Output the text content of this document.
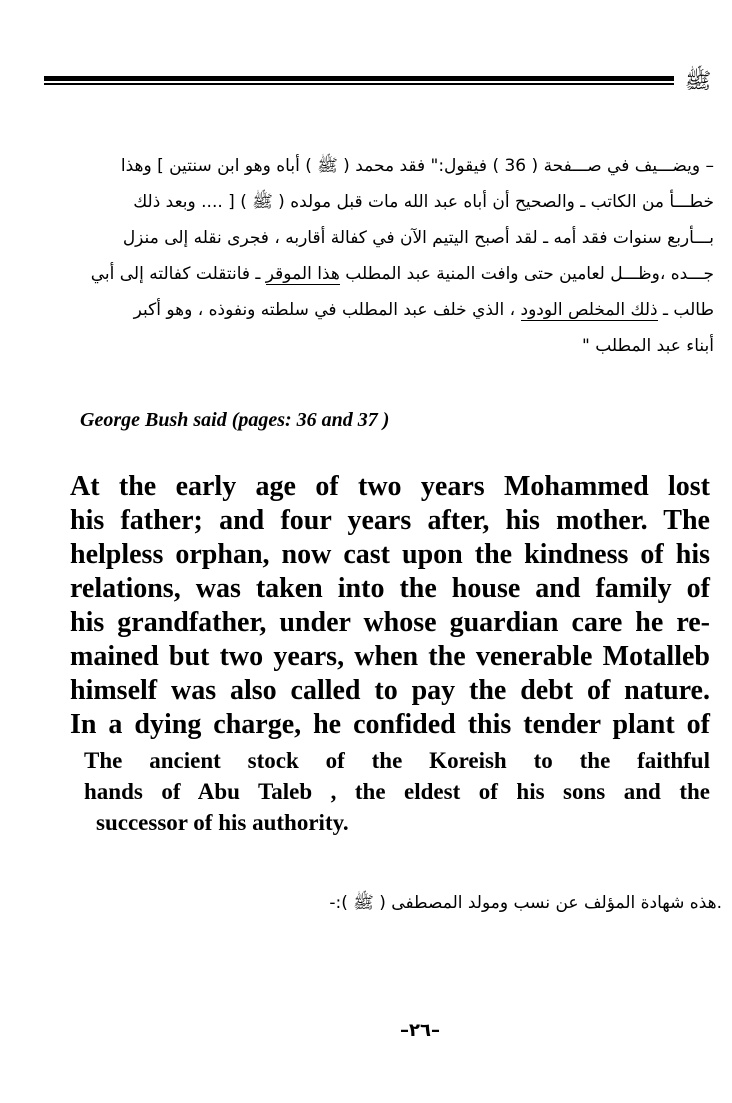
ﷺ
– ويضـــيف في صـــفحة ( 36 ) فيقول:" فقد محمد ( ﷺ ) أباه وهو ابن سنتين ] وهذا
خطـــأ من الكاتب ـ والصحيح أن أباه عبد الله مات قبل مولده ( ﷺ ) [ .... وبعد ذلك
بـــأربع سنوات فقد أمه ـ لقد أصبح اليتيم الآن في كفالة أقاربه ، فجرى نقله إلى منزل
جـــده ،وظـــل لعامين حتى وافت المنية عبد المطلب هذا الموقر ـ فانتقلت كفالته إلى أبي
طالب ـ ذلك المخلص الودود ، الذي خلف عبد المطلب في سلطته ونفوذه ، وهو أكبر
أبناء عبد المطلب "
George Bush said (pages: 36 and 37 )
At the early age of two years Mohammed lost
his father; and four years after, his mother. The
helpless orphan, now cast upon the kindness of his
relations, was taken into the house and family of
his grandfather, under whose guardian care he re-
mained but two years, when the venerable Motalleb
himself was also called to pay the debt of nature.
In a dying charge, he confided this tender plant of
The ancient stock of the Koreish to the faithful
hands of Abu Taleb , the eldest of his sons and the
successor of his authority.
.هذه شهادة المؤلف عن نسب ومولد المصطفى ( ﷺ ):-
–٢٦–
